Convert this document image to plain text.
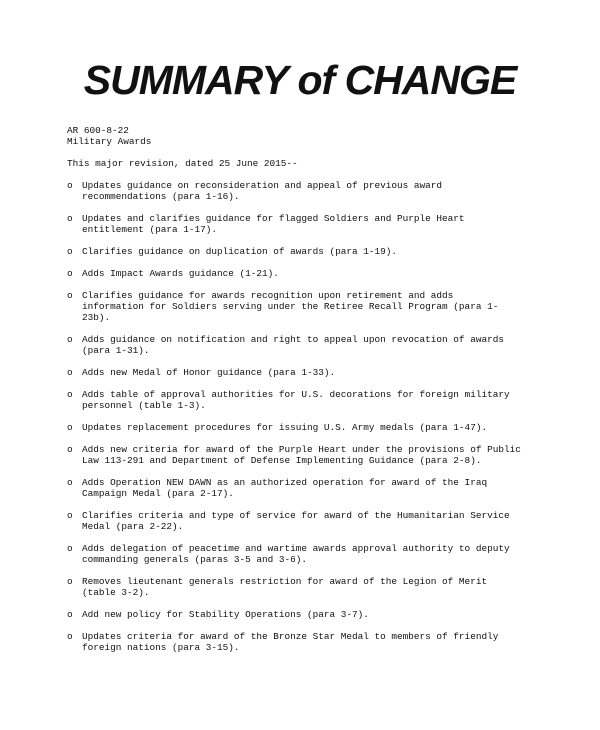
SUMMARY of CHANGE
AR 600-8-22
Military Awards
This major revision, dated 25 June 2015--
o Updates guidance on reconsideration and appeal of previous award
recommendations (para 1-16).
o Updates and clarifies guidance for flagged Soldiers and Purple Heart
entitlement (para 1-17).
o Clarifies guidance on duplication of awards (para 1-19).
o Adds Impact Awards guidance (1-21).
o Clarifies guidance for awards recognition upon retirement and adds
information for Soldiers serving under the Retiree Recall Program (para 1-
23b).
o Adds guidance on notification and right to appeal upon revocation of awards
(para 1-31).
o Adds new Medal of Honor guidance (para 1-33).
o Adds table of approval authorities for U.S. decorations for foreign military
personnel (table 1-3).
o Updates replacement procedures for issuing U.S. Army medals (para 1-47).
o Adds new criteria for award of the Purple Heart under the provisions of Public
Law 113-291 and Department of Defense Implementing Guidance (para 2-8).
o Adds Operation NEW DAWN as an authorized operation for award of the Iraq
Campaign Medal (para 2-17).
o Clarifies criteria and type of service for award of the Humanitarian Service
Medal (para 2-22).
o Adds delegation of peacetime and wartime awards approval authority to deputy
commanding generals (paras 3-5 and 3-6).
o Removes lieutenant generals restriction for award of the Legion of Merit
(table 3-2).
o Add new policy for Stability Operations (para 3-7).
o Updates criteria for award of the Bronze Star Medal to members of friendly
foreign nations (para 3-15).
